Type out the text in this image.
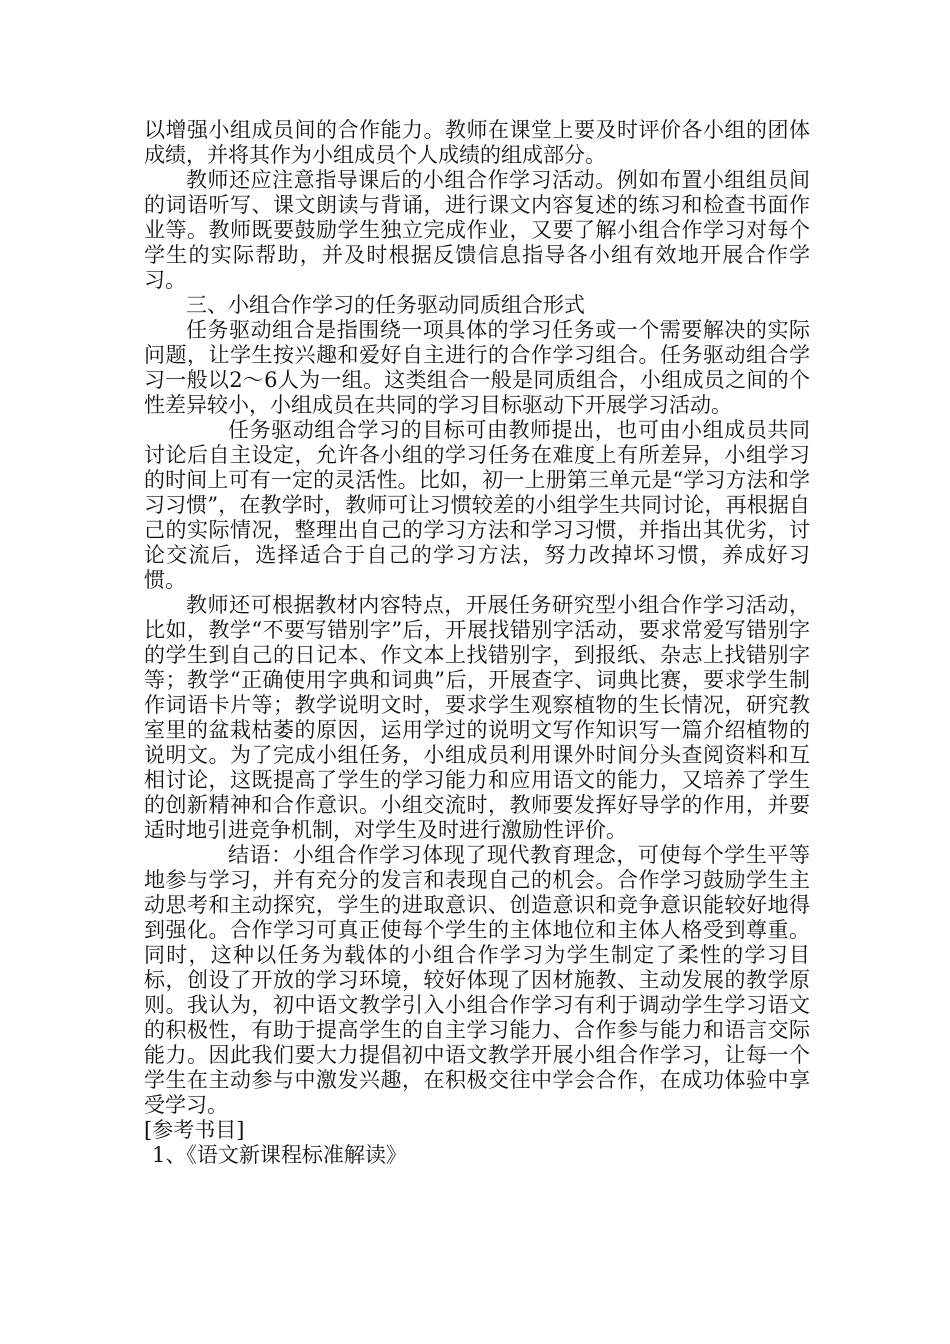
以增强小组成员间的合作能力。教师在课堂上要及时评价各小组的团体成绩，并将其作为小组成员个人成绩的组成部分。

教师还应注意指导课后的小组合作学习活动。例如布置小组组员间的词语听写、课文朗读与背诵，进行课文内容复述的练习和检查书面作业等。教师既要鼓励学生独立完成作业，又要了解小组合作学习对每个学生的实际帮助，并及时根据反馈信息指导各小组有效地开展合作学习。

三、小组合作学习的任务驱动同质组合形式

任务驱动组合是指围绕一项具体的学习任务或一个需要解决的实际问题，让学生按兴趣和爱好自主进行的合作学习组合。任务驱动组合学习一般以2～6人为一组。这类组合一般是同质组合，小组成员之间的个性差异较小，小组成员在共同的学习目标驱动下开展学习活动。

任务驱动组合学习的目标可由教师提出，也可由小组成员共同讨论后自主设定，允许各小组的学习任务在难度上有所差异，小组学习的时间上可有一定的灵活性。比如，初一上册第三单元是“学习方法和学习习惯”，在教学时，教师可让习惯较差的小组学生共同讨论，再根据自己的实际情况，整理出自己的学习方法和学习习惯，并指出其优劣，讨论交流后，选择适合于自己的学习方法，努力改掉坏习惯，养成好习惯。

教师还可根据教材内容特点，开展任务研究型小组合作学习活动，比如，教学“不要写错别字”后，开展找错别字活动，要求常爱写错别字的学生到自己的日记本、作文本上找错别字，到报纸、杂志上找错别字等；教学“正确使用字典和词典”后，开展查字、词典比赛，要求学生制作词语卡片等；教学说明文时，要求学生观察植物的生长情况，研究教室里的盆栽枯萎的原因，运用学过的说明文写作知识写一篇介绍植物的说明文。为了完成小组任务，小组成员利用课外时间分头查阅资料和互相讨论，这既提高了学生的学习能力和应用语文的能力，又培养了学生的创新精神和合作意识。小组交流时，教师要发挥好导学的作用，并要适时地引进竞争机制，对学生及时进行激励性评价。

结语：小组合作学习体现了现代教育理念，可使每个学生平等地参与学习，并有充分的发言和表现自己的机会。合作学习鼓励学生主动思考和主动探究，学生的进取意识、创造意识和竞争意识能较好地得到强化。合作学习可真正使每个学生的主体地位和主体人格受到尊重。同时，这种以任务为载体的小组合作学习为学生制定了柔性的学习目标，创设了开放的学习环境，较好体现了因材施教、主动发展的教学原则。我认为，初中语文教学引入小组合作学习有利于调动学生学习语文的积极性，有助于提高学生的自主学习能力、合作参与能力和语言交际能力。因此我们要大力提倡初中语文教学开展小组合作学习，让每一个学生在主动参与中激发兴趣，在积极交往中学会合作，在成功体验中享受学习。

[参考书目]

1、《语文新课程标准解读》
